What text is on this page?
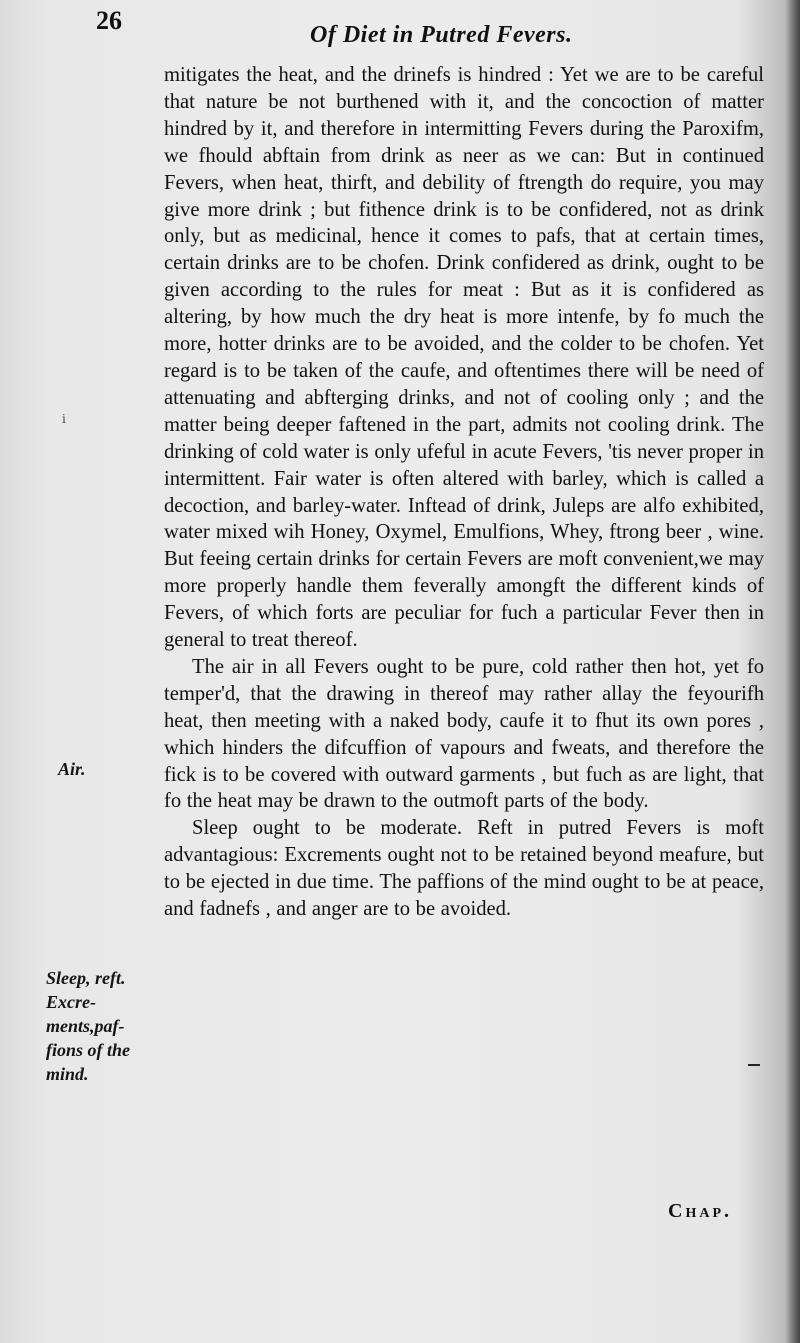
26	Of Diet in Putred Fevers.

mitigates the heat, and the drinefs is hindred : Yet we are to be careful that nature be not burthened with it, and the concoction of matter hindred by it, and therefore in intermitting Fevers during the Paroxifm, we fhould abftain from drink as neer as we can: But in continued Fevers, when heat, thirft, and debility of ftrength do require, you may give more drink ; but fithence drink is to be confidered, not as drink only, but as medicinal, hence it comes to pafs, that at certain times, certain drinks are to be chofen. Drink confidered as drink, ought to be given according to the rules for meat : But as it is confidered as altering, by how much the dry heat is more intenfe, by fo much the more, hotter drinks are to be avoided, and the colder to be chofen. Yet regard is to be taken of the caufe, and oftentimes there will be need of attenuating and abfterging drinks, and not of cooling only ; and the matter being deeper faftened in the part, admits not cooling drink. The drinking of cold water is only ufeful in acute Fevers, 'tis never proper in intermittent. Fair water is often altered with barley, which is called a decoction, and barley-water. Inftead of drink, Juleps are alfo exhibited, water mixed wih Honey, Oxymel, Emulfions, Whey, ftrong beer , wine. But feeing certain drinks for certain Fevers are moft convenient,we may more properly handle them feverally amongft the different kinds of Fevers, of which forts are peculiar for fuch a particular Fever then in general to treat thereof.

The air in all Fevers ought to be pure, cold rather then hot, yet fo temper'd, that the drawing in thereof may rather allay the feyourifh heat, then meeting with a naked body, caufe it to fhut its own pores , which hinders the difcuffion of vapours and fweats, and therefore the fick is to be covered with outward garments , but fuch as are light, that fo the heat may be drawn to the outmoft parts of the body.

Sleep ought to be moderate. Reft in putred Fevers is moft advantagious: Excrements ought not to be retained beyond meafure, but to be ejected in due time. The paffions of the mind ought to be at peace, and fadnefs , and anger are to be avoided.

i
Air.
Sleep, reft.
Excre-
ments,paf-
fions of the
mind.
Chap.
